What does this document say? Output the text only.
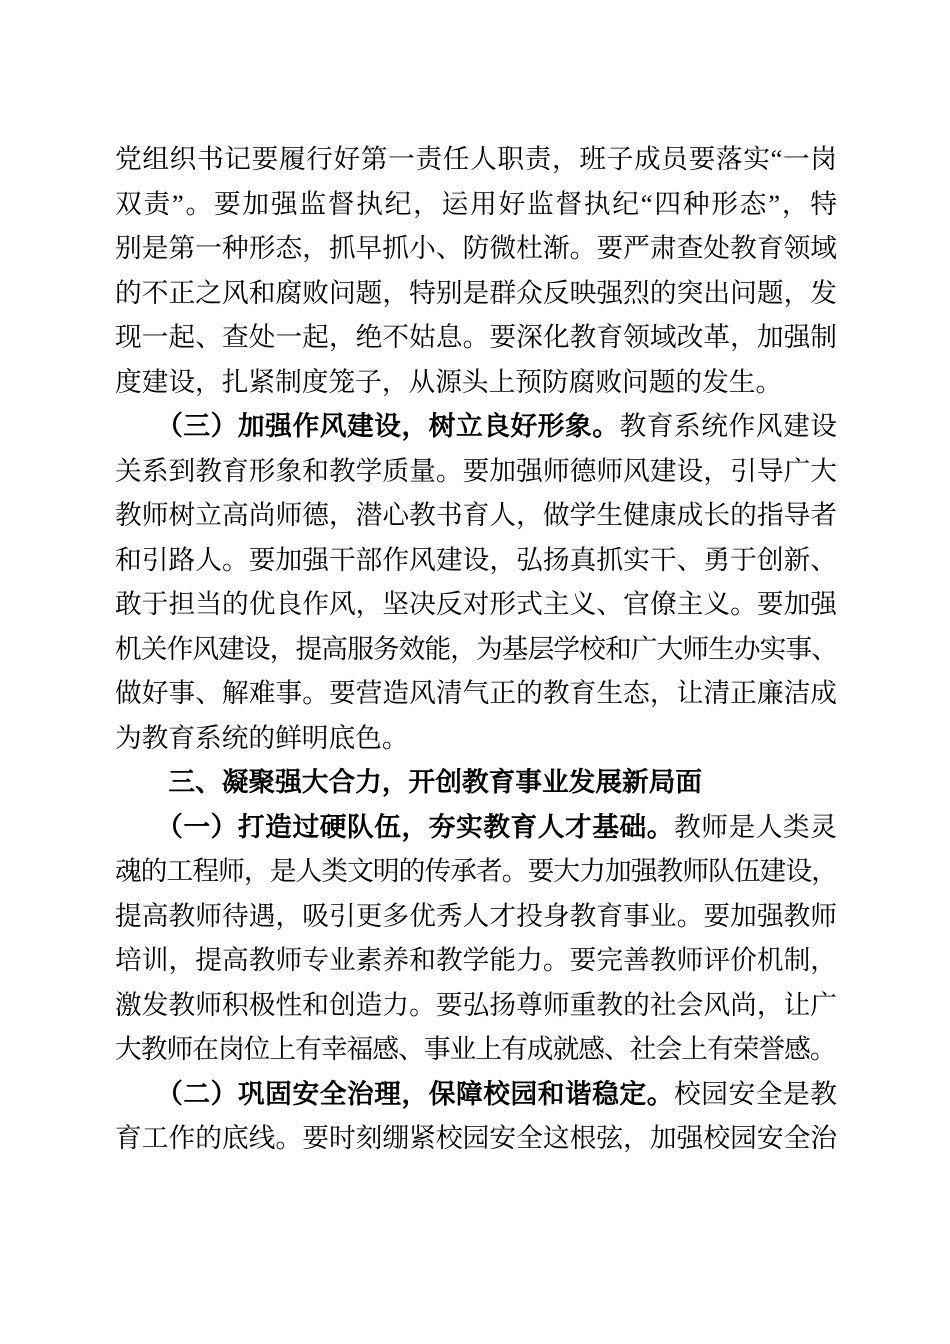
党组织书记要履行好第一责任人职责，班子成员要落实“一岗
双责”。要加强监督执纪，运用好监督执纪“四种形态”，特
别是第一种形态，抓早抓小、防微杜渐。要严肃查处教育领域
的不正之风和腐败问题，特别是群众反映强烈的突出问题，发
现一起、查处一起，绝不姑息。要深化教育领域改革，加强制
度建设，扎紧制度笼子，从源头上预防腐败问题的发生。
　　（三）加强作风建设，树立良好形象。教育系统作风建设
关系到教育形象和教学质量。要加强师德师风建设，引导广大
教师树立高尚师德，潜心教书育人，做学生健康成长的指导者
和引路人。要加强干部作风建设，弘扬真抓实干、勇于创新、
敢于担当的优良作风，坚决反对形式主义、官僚主义。要加强
机关作风建设，提高服务效能，为基层学校和广大师生办实事、
做好事、解难事。要营造风清气正的教育生态，让清正廉洁成
为教育系统的鲜明底色。
　　三、凝聚强大合力，开创教育事业发展新局面
　　（一）打造过硬队伍，夯实教育人才基础。教师是人类灵
魂的工程师，是人类文明的传承者。要大力加强教师队伍建设，
提高教师待遇，吸引更多优秀人才投身教育事业。要加强教师
培训，提高教师专业素养和教学能力。要完善教师评价机制，
激发教师积极性和创造力。要弘扬尊师重教的社会风尚，让广
大教师在岗位上有幸福感、事业上有成就感、社会上有荣誉感。
　　（二）巩固安全治理，保障校园和谐稳定。校园安全是教
育工作的底线。要时刻绷紧校园安全这根弦，加强校园安全治
